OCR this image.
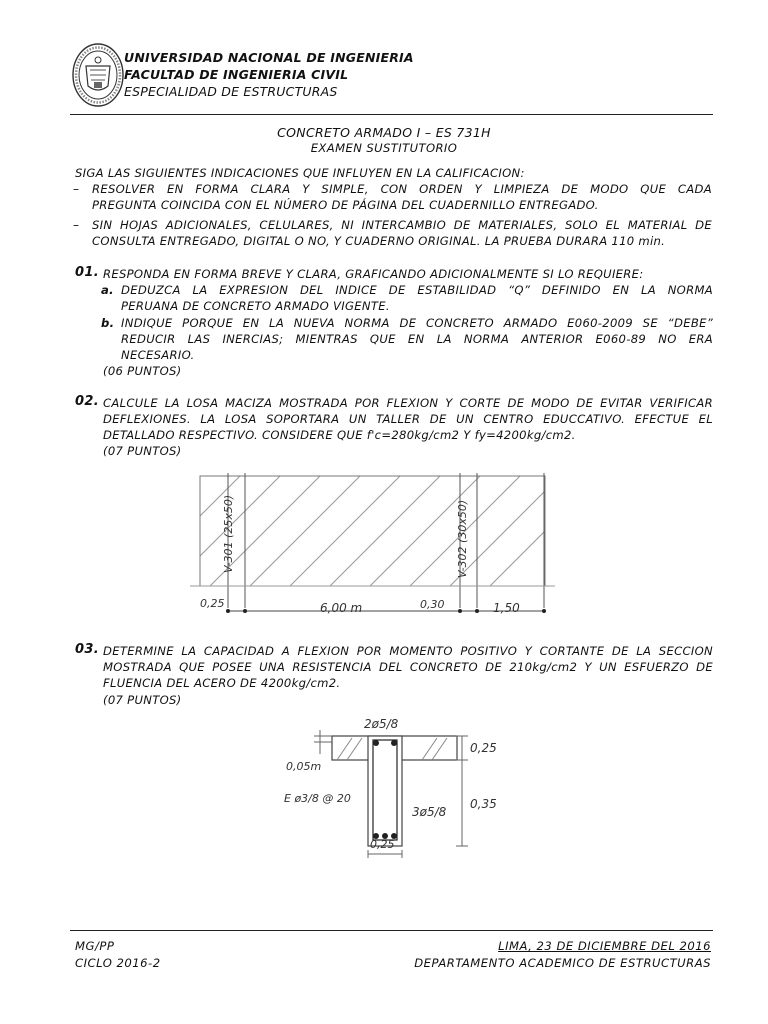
UNIVERSIDAD NACIONAL DE INGENIERIA
FACULTAD DE INGENIERIA CIVIL
ESPECIALIDAD DE ESTRUCTURAS
CONCRETO ARMADO I – ES 731H
EXAMEN SUSTITUTORIO
SIGA LAS SIGUIENTES INDICACIONES QUE INFLUYEN EN LA CALIFICACION:
– RESOLVER EN FORMA CLARA Y SIMPLE, CON ORDEN Y LIMPIEZA DE MODO QUE CADA
PREGUNTA COINCIDA CON EL NÚMERO DE PÁGINA DEL CUADERNILLO ENTREGADO.
– SIN HOJAS ADICIONALES, CELULARES, NI INTERCAMBIO DE MATERIALES, SOLO EL MATERIAL DE
CONSULTA ENTREGADO, DIGITAL O NO, Y CUADERNO ORIGINAL. LA PRUEBA DURARA 110 min.
01. RESPONDA EN FORMA BREVE Y CLARA, GRAFICANDO ADICIONALMENTE SI LO REQUIERE:
a. DEDUZCA LA EXPRESION DEL INDICE DE ESTABILIDAD “Q” DEFINIDO EN LA NORMA
PERUANA DE CONCRETO ARMADO VIGENTE.
b. INDIQUE PORQUE EN LA NUEVA NORMA DE CONCRETO ARMADO E060-2009 SE “DEBE”
REDUCIR LAS INERCIAS; MIENTRAS QUE EN LA NORMA ANTERIOR E060-89 NO ERA
NECESARIO.
(06 PUNTOS)
02. CALCULE LA LOSA MACIZA MOSTRADA POR FLEXION Y CORTE DE MODO DE EVITAR VERIFICAR
DEFLEXIONES. LA LOSA SOPORTARA UN TALLER DE UN CENTRO EDUCCATIVO. EFECTUE EL
DETALLADO RESPECTIVO. CONSIDERE QUE f'c=280kg/cm2 Y fy=4200kg/cm2.
(07 PUNTOS)
V-301 (25x50)	V-302 (30x50)
0,25	6,00 m	0,30	1,50
03. DETERMINE LA CAPACIDAD A FLEXION POR MOMENTO POSITIVO Y CORTANTE DE LA SECCION
MOSTRADA QUE POSEE UNA RESISTENCIA DEL CONCRETO DE 210kg/cm2 Y UN ESFUERZO DE
FLUENCIA DEL ACERO DE 4200kg/cm2.
(07 PUNTOS)
2ø5/8
0,25
0,05m
0,35
E ø3/8 @ 20
3ø5/8
0,25
MG/PP
CICLO 2016-2
LIMA, 23 DE DICIEMBRE DEL 2016
DEPARTAMENTO ACADEMICO DE ESTRUCTURAS
